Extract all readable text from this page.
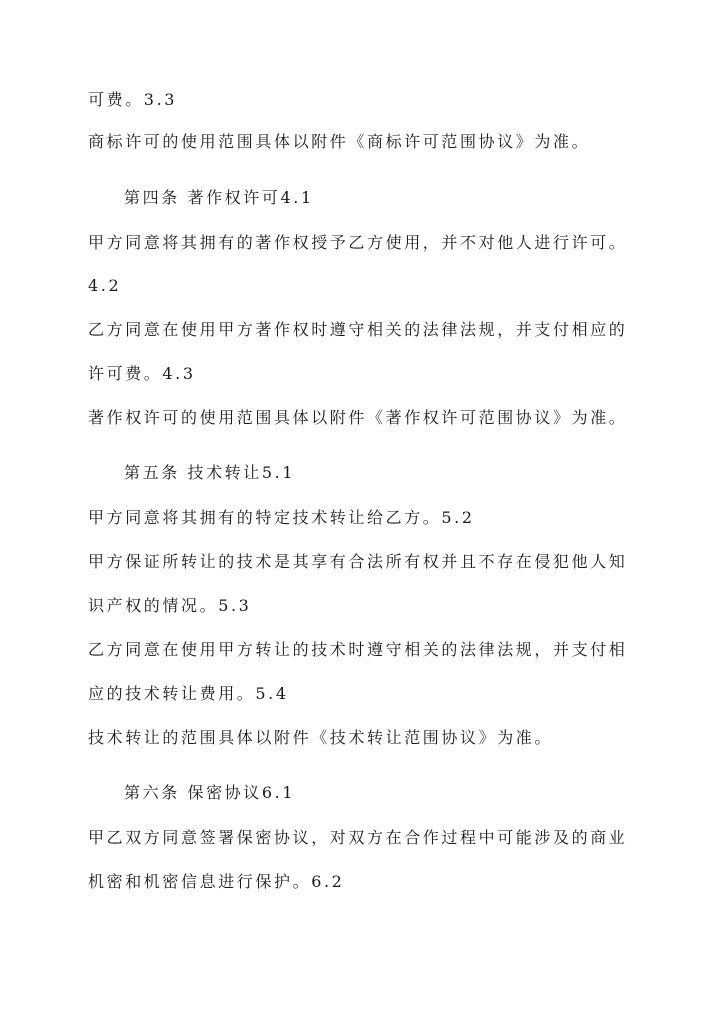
可费。3.3
商标许可的使用范围具体以附件《商标许可范围协议》为准。
第四条 著作权许可4.1
甲方同意将其拥有的著作权授予乙方使用，并不对他人进行许可。
4.2
乙方同意在使用甲方著作权时遵守相关的法律法规，并支付相应的
许可费。4.3
著作权许可的使用范围具体以附件《著作权许可范围协议》为准。
第五条 技术转让5.1
甲方同意将其拥有的特定技术转让给乙方。5.2
甲方保证所转让的技术是其享有合法所有权并且不存在侵犯他人知
识产权的情况。5.3
乙方同意在使用甲方转让的技术时遵守相关的法律法规，并支付相
应的技术转让费用。5.4
技术转让的范围具体以附件《技术转让范围协议》为准。
第六条 保密协议6.1
甲乙双方同意签署保密协议，对双方在合作过程中可能涉及的商业
机密和机密信息进行保护。6.2
